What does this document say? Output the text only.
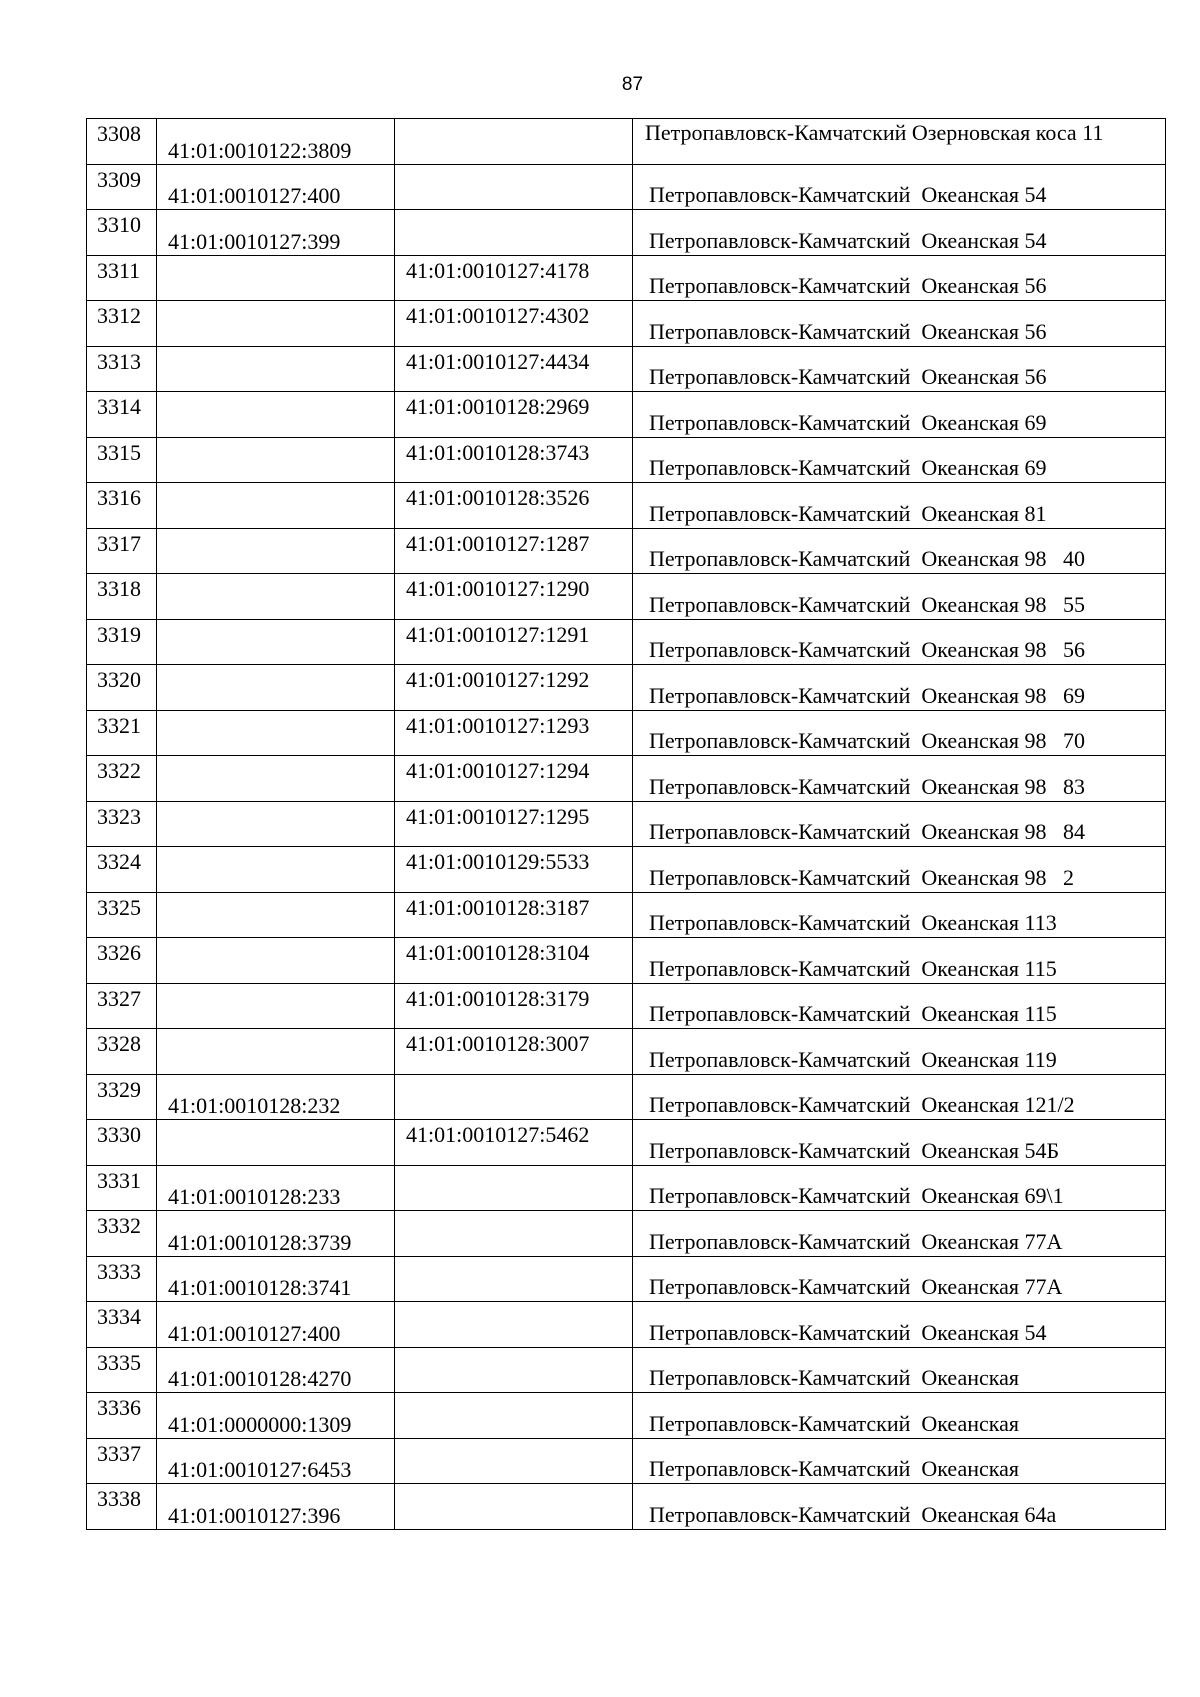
87
3308	41:01:0010122:3809		Петропавловск-Камчатский Озерновская коса 11

3309	41:01:0010127:400		Петропавловск-Камчатский  Океанская 54

3310	41:01:0010127:399		Петропавловск-Камчатский  Океанская 54

3311		41:01:0010127:4178	Петропавловск-Камчатский  Океанская 56

3312		41:01:0010127:4302	Петропавловск-Камчатский  Океанская 56

3313		41:01:0010127:4434	Петропавловск-Камчатский  Океанская 56

3314		41:01:0010128:2969	Петропавловск-Камчатский  Океанская 69

3315		41:01:0010128:3743	Петропавловск-Камчатский  Океанская 69

3316		41:01:0010128:3526	Петропавловск-Камчатский  Океанская 81

3317		41:01:0010127:1287	Петропавловск-Камчатский  Океанская 98   40

3318		41:01:0010127:1290	Петропавловск-Камчатский  Океанская 98   55

3319		41:01:0010127:1291	Петропавловск-Камчатский  Океанская 98   56

3320		41:01:0010127:1292	Петропавловск-Камчатский  Океанская 98   69

3321		41:01:0010127:1293	Петропавловск-Камчатский  Океанская 98   70

3322		41:01:0010127:1294	Петропавловск-Камчатский  Океанская 98   83

3323		41:01:0010127:1295	Петропавловск-Камчатский  Океанская 98   84

3324		41:01:0010129:5533	Петропавловск-Камчатский  Океанская 98   2

3325		41:01:0010128:3187	Петропавловск-Камчатский  Океанская 113

3326		41:01:0010128:3104	Петропавловск-Камчатский  Океанская 115

3327		41:01:0010128:3179	Петропавловск-Камчатский  Океанская 115

3328		41:01:0010128:3007	Петропавловск-Камчатский  Океанская 119

3329	41:01:0010128:232		Петропавловск-Камчатский  Океанская 121/2

3330		41:01:0010127:5462	Петропавловск-Камчатский  Океанская 54Б

3331	41:01:0010128:233		Петропавловск-Камчатский  Океанская 69\1

3332	41:01:0010128:3739		Петропавловск-Камчатский  Океанская 77А

3333	41:01:0010128:3741		Петропавловск-Камчатский  Океанская 77А

3334	41:01:0010127:400		Петропавловск-Камчатский  Океанская 54

3335	41:01:0010128:4270		Петропавловск-Камчатский  Океанская

3336	41:01:0000000:1309		Петропавловск-Камчатский  Океанская

3337	41:01:0010127:6453		Петропавловск-Камчатский  Океанская

3338	41:01:0010127:396		Петропавловск-Камчатский  Океанская 64а
